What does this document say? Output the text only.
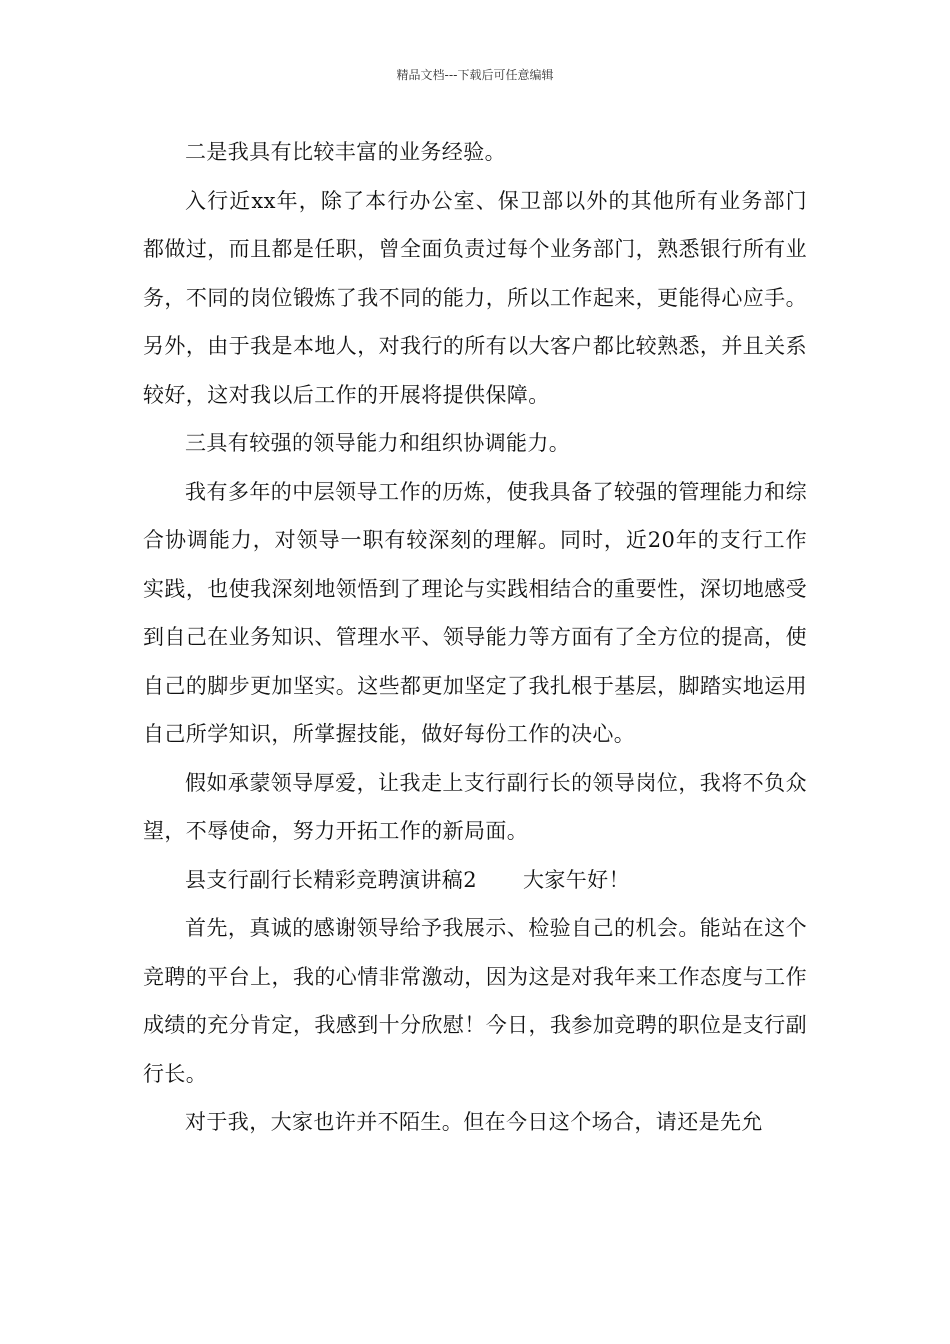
精品文档---下载后可任意编辑

二是我具有比较丰富的业务经验。

入行近xx年，除了本行办公室、保卫部以外的其他所有业务部门都做过，而且都是任职，曾全面负责过每个业务部门，熟悉银行所有业务，不同的岗位锻炼了我不同的能力，所以工作起来，更能得心应手。另外，由于我是本地人，对我行的所有以大客户都比较熟悉，并且关系较好，这对我以后工作的开展将提供保障。

三具有较强的领导能力和组织协调能力。

我有多年的中层领导工作的历炼，使我具备了较强的管理能力和综合协调能力，对领导一职有较深刻的理解。同时，近20年的支行工作实践，也使我深刻地领悟到了理论与实践相结合的重要性，深切地感受到自己在业务知识、管理水平、领导能力等方面有了全方位的提高，使自己的脚步更加坚实。这些都更加坚定了我扎根于基层，脚踏实地运用自己所学知识，所掌握技能，做好每份工作的决心。

假如承蒙领导厚爱，让我走上支行副行长的领导岗位，我将不负众望，不辱使命，努力开拓工作的新局面。

县支行副行长精彩竞聘演讲稿2 大家午好！

首先，真诚的感谢领导给予我展示、检验自己的机会。能站在这个竞聘的平台上，我的心情非常激动，因为这是对我年来工作态度与工作成绩的充分肯定，我感到十分欣慰！今日，我参加竞聘的职位是支行副行长。

对于我，大家也许并不陌生。但在今日这个场合，请还是先允
